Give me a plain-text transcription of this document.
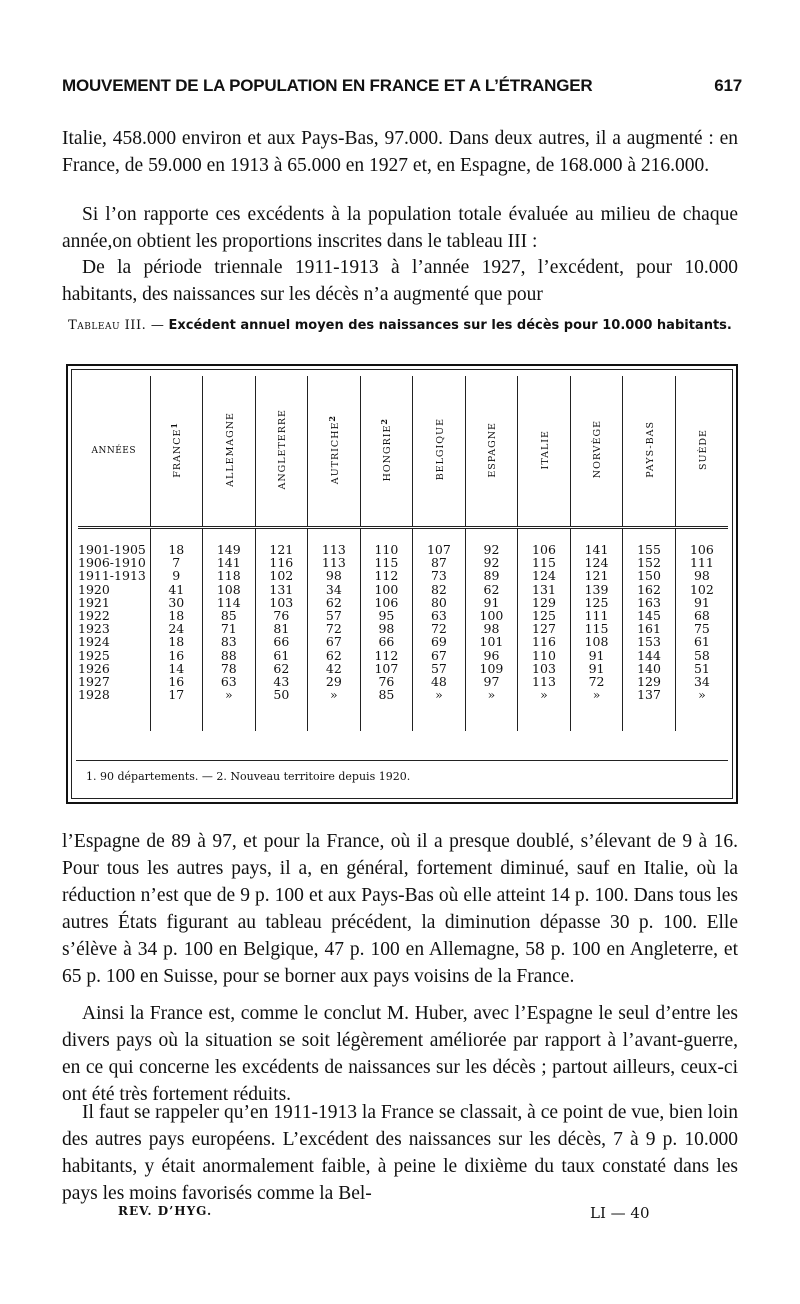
MOUVEMENT DE LA POPULATION EN FRANCE ET A L’ÉTRANGER	617

Italie, 458.000 environ et aux Pays-Bas, 97.000. Dans deux autres, il a augmenté : en France, de 59.000 en 1913 à 65.000 en 1927 et, en Espagne, de 168.000 à 216.000.

Si l’on rapporte ces excédents à la population totale évaluée au milieu de chaque année,on obtient les proportions inscrites dans le tableau III :

De la période triennale 1911-1913 à l’année 1927, l’excédent, pour 10.000 habitants, des naissances sur les décès n’a augmenté que pour

Tableau III. — Excédent annuel moyen des naissances sur les décès pour 10.000 habitants.
ANNÉES	FRANCE$^1$	ALLEMAGNE	ANGLETERRE	AUTRICHE$^2$	HONGRIE$^2$	BELGIQUE	ESPAGNE	ITALIE	NORVÈGE	PAYS-BAS	SUÈDE
1901-1905	18	149	121	113	110	107	92	106	141	155	106
1906-1910	7	141	116	113	115	87	92	115	124	152	111
1911-1913	9	118	102	98	112	73	89	124	121	150	98
1920	41	108	131	34	100	82	62	131	139	162	102
1921	30	114	103	62	106	80	91	129	125	163	91
1922	18	85	76	57	95	63	100	125	111	145	68
1923	24	71	81	72	98	72	98	127	115	161	75
1924	18	83	66	67	66	69	101	116	108	153	61
1925	16	88	61	62	112	67	96	110	91	144	58
1926	14	78	62	42	107	57	109	103	91	140	51
1927	16	63	43	29	76	48	97	113	72	129	34
1928	17	»	50	»	85	»	»	»	»	137	»
1. 90 départements. — 2. Nouveau territoire depuis 1920.

l’Espagne de 89 à 97, et pour la France, où il a presque doublé, s’élevant de 9 à 16. Pour tous les autres pays, il a, en général, fortement diminué, sauf en Italie, où la réduction n’est que de 9 p. 100 et aux Pays-Bas où elle atteint 14 p. 100. Dans tous les autres États figurant au tableau précédent, la diminution dépasse 30 p. 100. Elle s’élève à 34 p. 100 en Belgique, 47 p. 100 en Allemagne, 58 p. 100 en Angleterre, et 65 p. 100 en Suisse, pour se borner aux pays voisins de la France.

Ainsi la France est, comme le conclut M. Huber, avec l’Espagne le seul d’entre les divers pays où la situation se soit légèrement améliorée par rapport à l’avant-guerre, en ce qui concerne les excédents de naissances sur les décès ; partout ailleurs, ceux-ci ont été très fortement réduits.

Il faut se rappeler qu’en 1911-1913 la France se classait, à ce point de vue, bien loin des autres pays européens. L’excédent des naissances sur les décès, 7 à 9 p. 10.000 habitants, y était anormalement faible, à peine le dixième du taux constaté dans les pays les moins favorisés comme la Bel-

REV. D’HYG.	LI — 40
